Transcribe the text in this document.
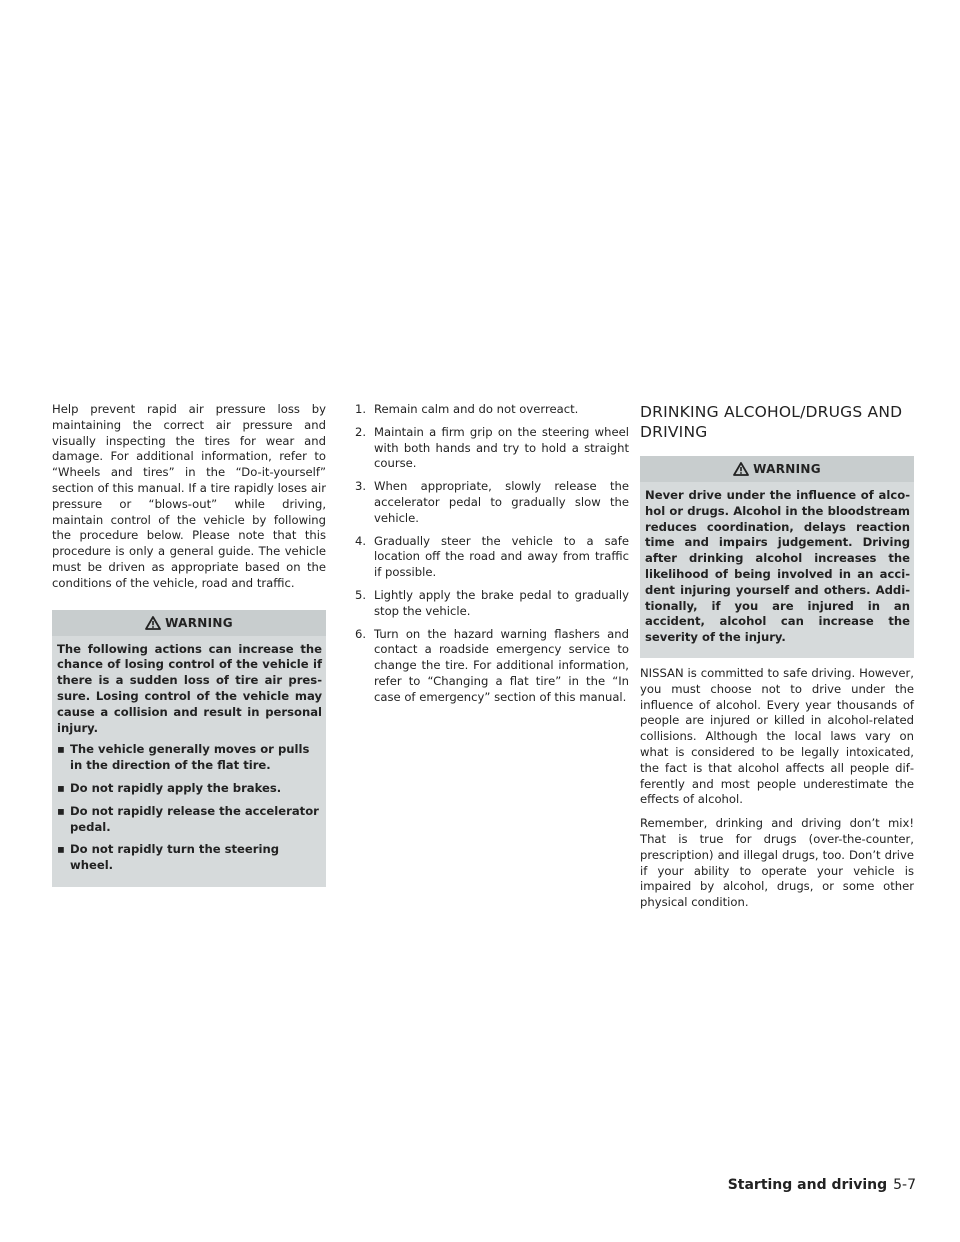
Help prevent rapid air pressure loss by maintaining the correct air pressure and visually inspecting the tires for wear and damage. For additional information, refer to “Wheels and tires” in the “Do-it-yourself” section of this manual. If a tire rapidly loses air pressure or “blows-out” while driving, maintain control of the vehicle by following the procedure below. Please note that this procedure is only a general guide. The vehicle must be driven as appropriate based on the conditions of the vehicle, road and traffic.

WARNING

The following actions can increase the chance of losing control of the vehicle if there is a sudden loss of tire air pressure. Losing control of the vehicle may cause a collision and result in personal injury.

▪ The vehicle generally moves or pulls in the direction of the flat tire.
▪ Do not rapidly apply the brakes.
▪ Do not rapidly release the accelerator pedal.
▪ Do not rapidly turn the steering wheel.
1. Remain calm and do not overreact.
2. Maintain a firm grip on the steering wheel with both hands and try to hold a straight course.
3. When appropriate, slowly release the accelerator pedal to gradually slow the vehicle.
4. Gradually steer the vehicle to a safe location off the road and away from traffic if possible.
5. Lightly apply the brake pedal to gradually stop the vehicle.
6. Turn on the hazard warning flashers and contact a roadside emergency service to change the tire. For additional information, refer to “Changing a flat tire” in the “In case of emergency” section of this manual.
DRINKING ALCOHOL/DRUGS AND DRIVING
WARNING

Never drive under the influence of alcohol or drugs. Alcohol in the bloodstream reduces coordination, delays reaction time and impairs judgement. Driving after drinking alcohol increases the likelihood of being involved in an accident injuring yourself and others. Additionally, if you are injured in an accident, alcohol can increase the severity of the injury.

NISSAN is committed to safe driving. However, you must choose not to drive under the influence of alcohol. Every year thousands of people are injured or killed in alcohol-related collisions. Although the local laws vary on what is considered to be legally intoxicated, the fact is that alcohol affects all people differently and most people underestimate the effects of alcohol.

Remember, drinking and driving don’t mix! That is true for drugs (over-the-counter, prescription) and illegal drugs, too. Don’t drive if your ability to operate your vehicle is impaired by alcohol, drugs, or some other physical condition.

Starting and driving 5-7
